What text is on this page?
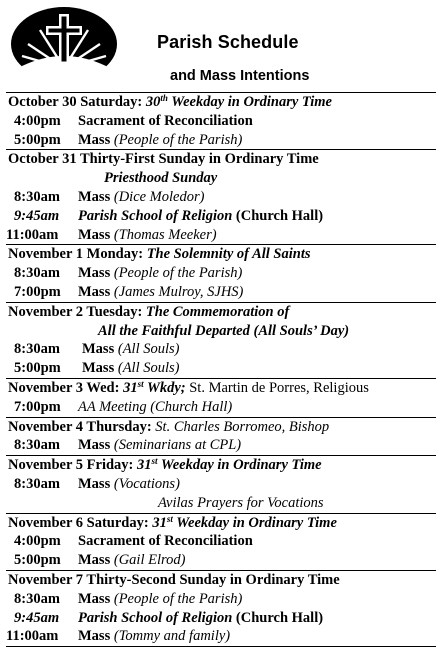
Parish Schedule
and Mass Intentions
October 30 Saturday: 30th Weekday in Ordinary Time
4:00pm Sacrament of Reconciliation
5:00pm Mass (People of the Parish)
October 31 Thirty-First Sunday in Ordinary Time
Priesthood Sunday
8:30am Mass (Dice Moledor)
9:45am Parish School of Religion (Church Hall)
11:00am Mass (Thomas Meeker)
November 1 Monday: The Solemnity of All Saints
8:30am Mass (People of the Parish)
7:00pm Mass (James Mulroy, SJHS)
November 2 Tuesday: The Commemoration of
All the Faithful Departed (All Souls’ Day)
8:30am Mass (All Souls)
5:00pm Mass (All Souls)
November 3 Wed: 31st Wkdy; St. Martin de Porres, Religious
7:00pm AA Meeting (Church Hall)
November 4 Thursday: St. Charles Borromeo, Bishop
8:30am Mass (Seminarians at CPL)
November 5 Friday: 31st Weekday in Ordinary Time
8:30am Mass (Vocations)
Avilas Prayers for Vocations
November 6 Saturday: 31st Weekday in Ordinary Time
4:00pm Sacrament of Reconciliation
5:00pm Mass (Gail Elrod)
November 7 Thirty-Second Sunday in Ordinary Time
8:30am Mass (People of the Parish)
9:45am Parish School of Religion (Church Hall)
11:00am Mass (Tommy and family)
